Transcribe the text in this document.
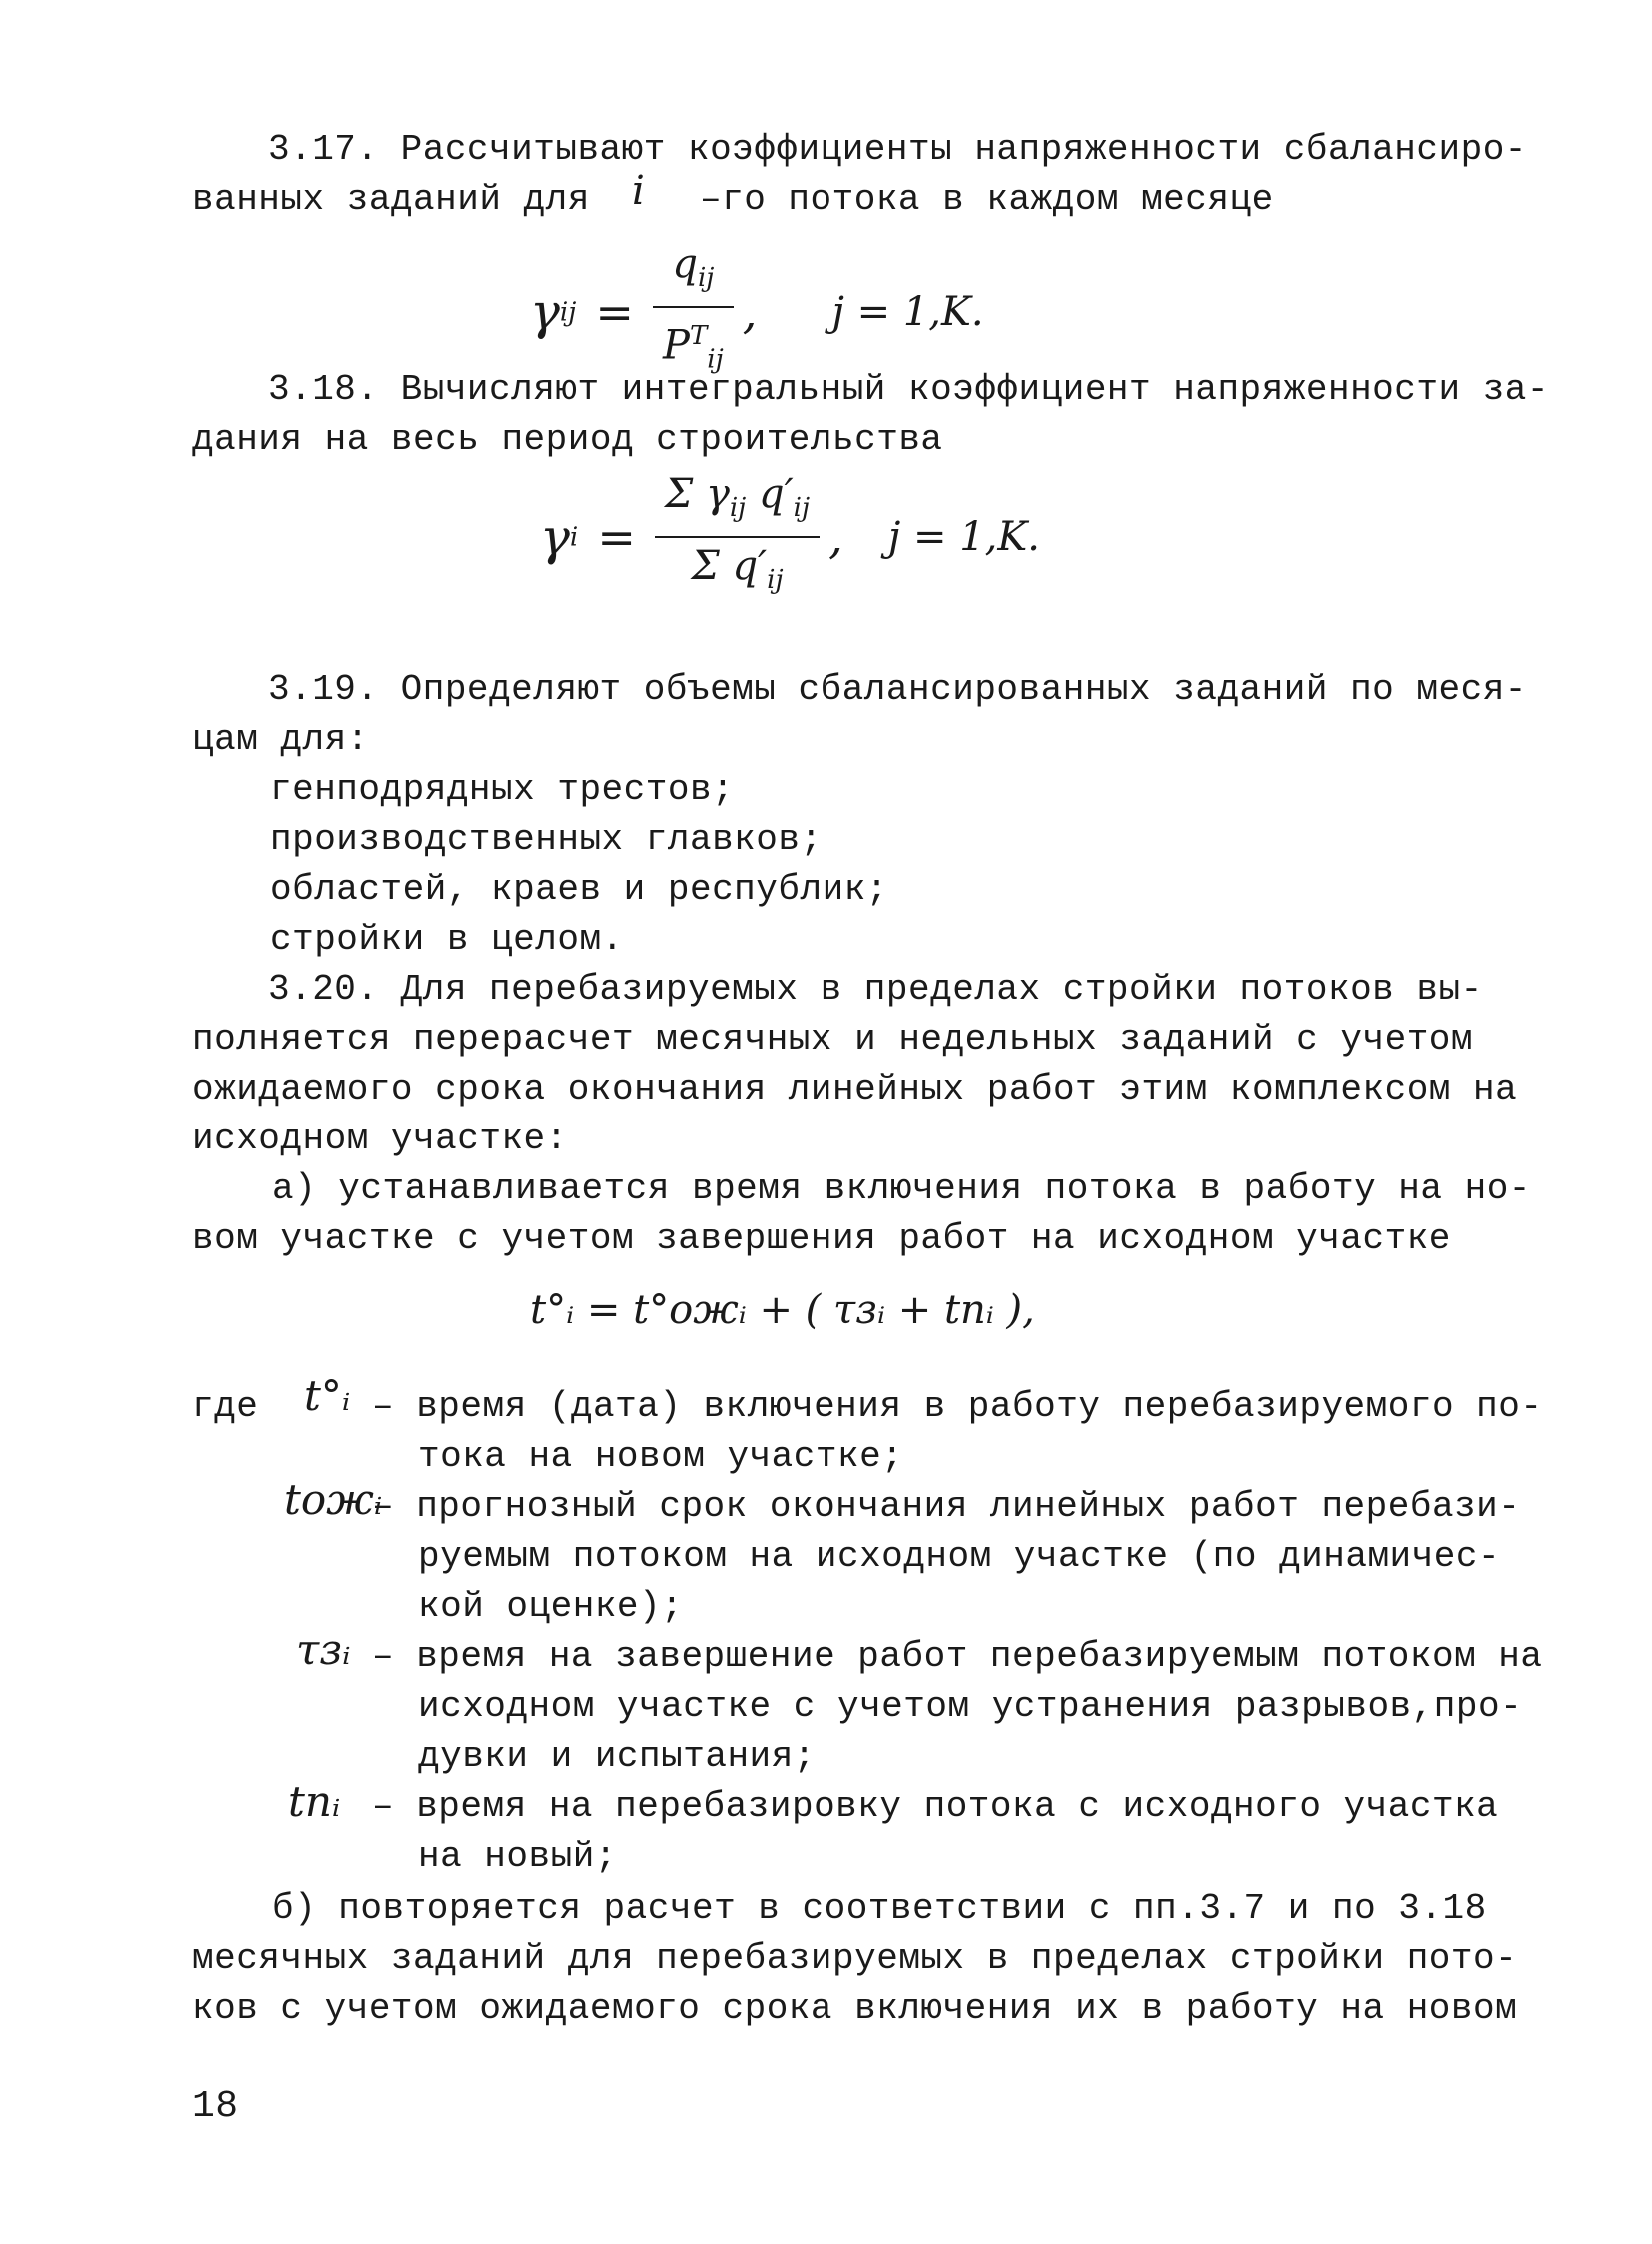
3.17. Рассчитывают коэффициенты напряженности сбалансиро-
ванных заданий для i –го потока в каждом месяце
$\gamma_{ij} = \frac{q_{ij}}{P^T_{ij}}$ , j = 1,K.
3.18. Вычисляют интегральный коэффициент напряженности за-
дания на весь период строительства
$\gamma_i = \frac{\Sigma \gamma_{ij} q'_{ij}}{\Sigma q'_{ij}}$ , j = 1,K.
3.19. Определяют объемы сбалансированных заданий по меся-
цам для:
генподрядных трестов;
производственных главков;
областей, краев и республик;
стройки в целом.
3.20. Для перебазируемых в пределах стройки потоков вы-
полняется перерасчет месячных и недельных заданий с учетом
ожидаемого срока окончания линейных работ этим комплексом на
исходном участке:
а) устанавливается время включения потока в работу на но-
вом участке с учетом завершения работ на исходном участке
t°ᵢ = t°ожᵢ + ( τзᵢ + tпᵢ ),
где t°ᵢ – время (дата) включения в работу перебазируемого по-
тока на новом участке;
tожᵢ
– прогнозный срок окончания линейных работ перебази-
руемым потоком на исходном участке (по динамичес-
кой оценке);
τзᵢ – время на завершение работ перебазируемым потоком на
исходном участке с учетом устранения разрывов,про-
дувки и испытания;
tпᵢ – время на перебазировку потока с исходного участка
на новый;
б) повторяется расчет в соответствии с пп.3.7 и по 3.18
месячных заданий для перебазируемых в пределах стройки пото-
ков с учетом ожидаемого срока включения их в работу на новом
18
